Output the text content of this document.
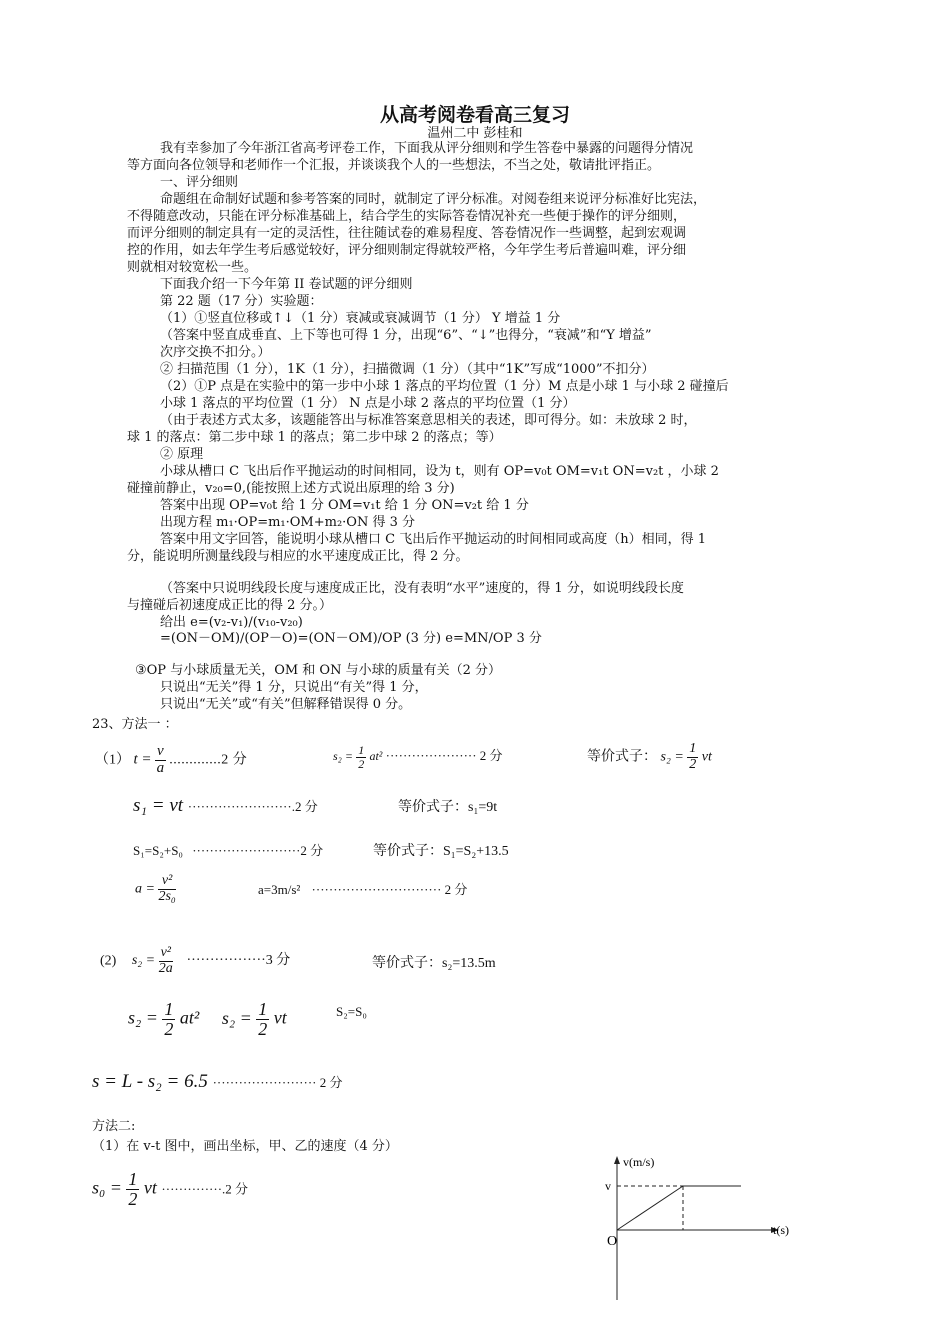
从高考阅卷看高三复习
温州二中 彭桂和
我有幸参加了今年浙江省高考评卷工作，下面我从评分细则和学生答卷中暴露的问题得分情况
等方面向各位领导和老师作一个汇报，并谈谈我个人的一些想法，不当之处，敬请批评指正。
一、评分细则
命题组在命制好试题和参考答案的同时，就制定了评分标准。对阅卷组来说评分标准好比宪法，
不得随意改动，只能在评分标准基础上，结合学生的实际答卷情况补充一些便于操作的评分细则，
而评分细则的制定具有一定的灵活性，往往随试卷的难易程度、答卷情况作一些调整，起到宏观调
控的作用，如去年学生考后感觉较好，评分细则制定得就较严格，今年学生考后普遍叫难，评分细
则就相对较宽松一些。
下面我介绍一下今年第 II 卷试题的评分细则
第 22 题（17 分）实验题：
（1）①竖直位移或↑↓（1 分）衰减或衰减调节（1 分） Y 增益 1 分
（答案中竖直成垂直、上下等也可得 1 分，出现“6”、“↓”也得分，“衰减”和“Y 增益”
次序交换不扣分。）
② 扫描范围（1 分），1K（1 分），扫描微调（1 分）（其中“1K”写成“1000”不扣分）
（2）①P 点是在实验中的第一步中小球 1 落点的平均位置（1 分）M 点是小球 1 与小球 2 碰撞后
小球 1 落点的平均位置（1 分） N 点是小球 2 落点的平均位置（1 分）
（由于表述方式太多，该题能答出与标准答案意思相关的表述，即可得分。如：未放球 2 时，
球 1 的落点：第二步中球 1 的落点；第二步中球 2 的落点；等）
② 原理
小球从槽口 C 飞出后作平抛运动的时间相同，设为 t，则有 OP=v₀t OM=v₁t ON=v₂t ，小球 2
碰撞前静止，v₂₀=0,(能按照上述方式说出原理的给 3 分)
答案中出现 OP=v₀t 给 1 分 OM=v₁t 给 1 分 ON=v₂t 给 1 分
出现方程 m₁·OP=m₁·OM+m₂·ON 得 3 分
答案中用文字回答，能说明小球从槽口 C 飞出后作平抛运动的时间相同或高度（h）相同，得 1
分，能说明所测量线段与相应的水平速度成正比，得 2 分。
（答案中只说明线段长度与速度成正比，没有表明“水平”速度的，得 1 分，如说明线段长度
与撞碰后初速度成正比的得 2 分。）
给出 e=(v₂-v₁)/(v₁₀-v₂₀)
=(ON－OM)/(OP－O)=(ON－OM)/OP (3 分) e=MN/OP 3 分
③OP 与小球质量无关，OM 和 ON 与小球的质量有关（2 分）
只说出“无关”得 1 分，只说出“有关”得 1 分，
只说出“无关”或“有关”但解释错误得 0 分。
23、方法一 ：
（1） $t = \frac{v}{a} .............2$ 分	$s_2 = \frac{1}{2} at^2$ ····················· 2 分	等价式子： $s_2 = \frac{1}{2}$ vt
s₁ = vt ························.2 分	等价式子：s₁=9t
S₁=S₂+S₀ ·························2 分	等价式子：S₁=S₂+13.5
$a = \frac{\text{v²}}{\text{2s₀}}$	a=3m/s² ······························ 2 分
(2) $s_2 = \frac{\text{v²}}{2a} \cdot\cdot\cdot\cdot\cdot\cdot\cdot\cdot\cdot\cdot\cdot\cdot\cdot\cdot\cdot\cdot\cdot 3$ 分	等价式子：s₂=13.5m
$s_2 = \frac{1}{2} at^2$ $s_2 = \frac{1}{2}$ vt	S₂=S₀
s = L - s₂ = 6.5 ························ 2 分
方法二:
（1）在 v-t 图中，画出坐标，甲、乙的速度（4 分）
$s_0 = \frac{1}{2}$ vt ··············.2 分
v(m/s)
t(s)
v
O
